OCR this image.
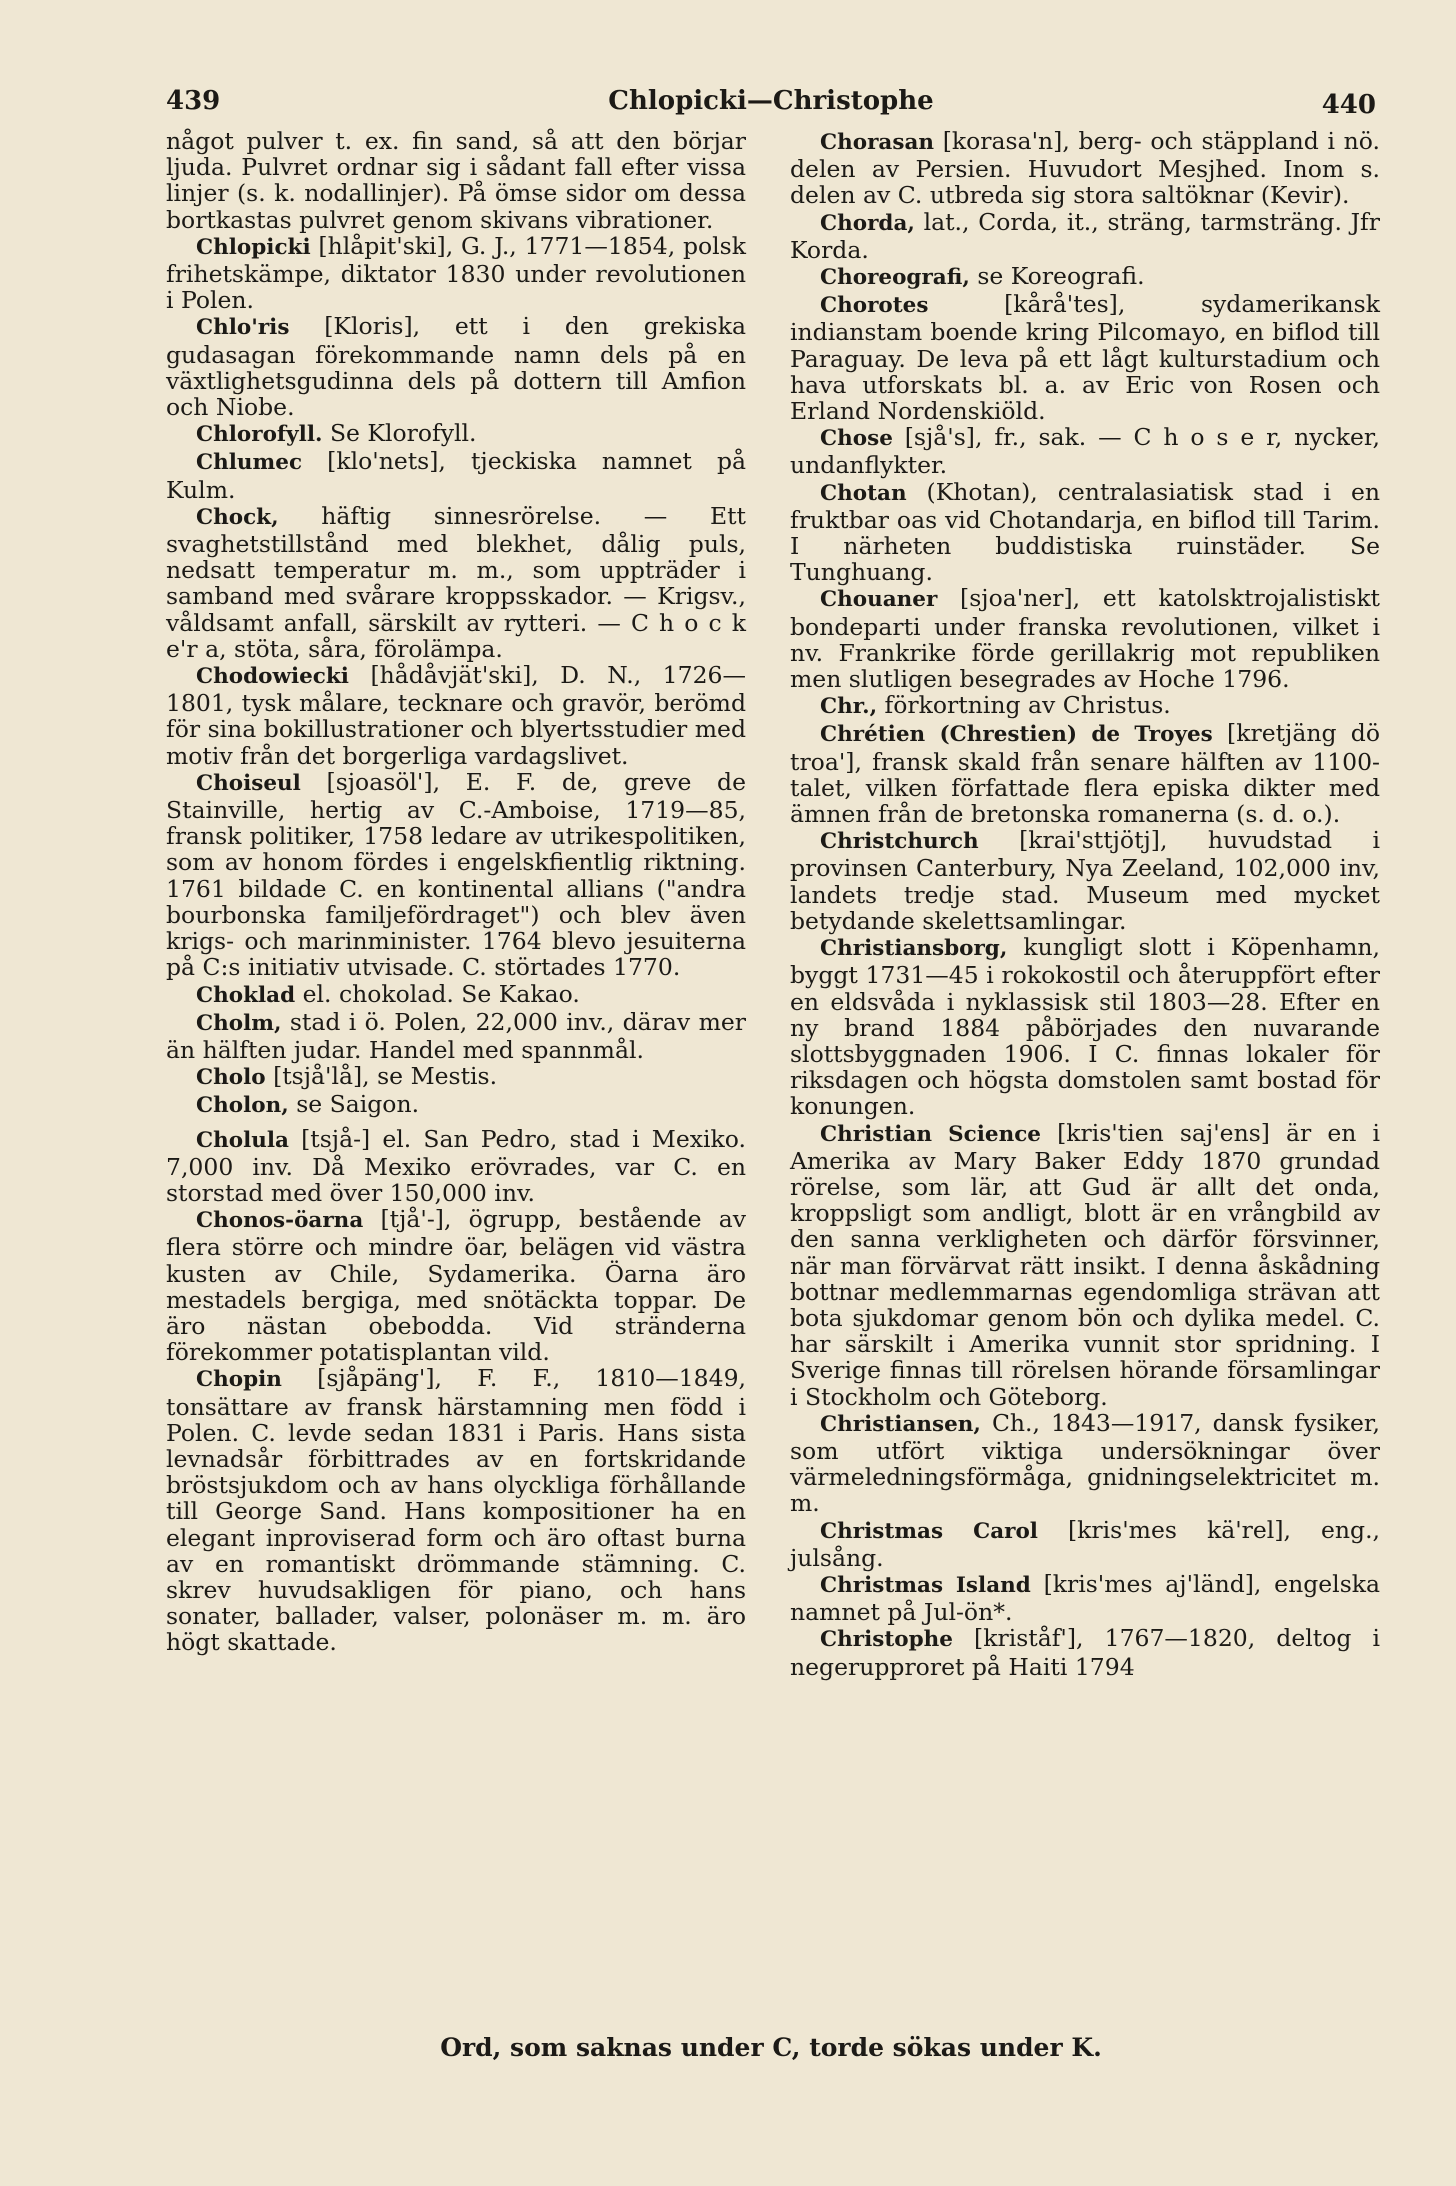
439	Chlopicki—Christophe	440

något pulver t. ex. fin sand, så att den börjar ljuda. Pulvret ordnar sig i sådant fall efter vissa linjer (s. k. nodallinjer). På ömse sidor om dessa bortkastas pulvret genom skivans vibrationer.

Chlopicki [hlåpit'ski], G. J., 1771—1854, polsk frihetskämpe, diktator 1830 under revolutionen i Polen.

Chlo'ris [Kloris], ett i den grekiska gudasagan förekommande namn dels på en växtlighetsgudinna dels på dottern till Amfion och Niobe.

Chlorofyll. Se Klorofyll.

Chlumec [klo'nets], tjeckiska namnet på Kulm.

Chock, häftig sinnesrörelse. — Ett svaghetstillstånd med blekhet, dålig puls, nedsatt temperatur m. m., som uppträder i samband med svårare kroppsskador. — Krigsv., våldsamt anfall, särskilt av rytteri. — C h o c k e'r a, stöta, såra, förolämpa.

Chodowiecki [hådåvjät'ski], D. N., 1726—1801, tysk målare, tecknare och gravör, berömd för sina bokillustrationer och blyertsstudier med motiv från det borgerliga vardagslivet.

Choiseul [sjoasöl'], E. F. de, greve de Stainville, hertig av C.-Amboise, 1719—85, fransk politiker, 1758 ledare av utrikespolitiken, som av honom fördes i engelskfientlig riktning. 1761 bildade C. en kontinental allians ("andra bourbonska familjefördraget") och blev även krigs- och marinminister. 1764 blevo jesuiterna på C:s initiativ utvisade. C. störtades 1770.

Choklad el. chokolad. Se Kakao.

Cholm, stad i ö. Polen, 22,000 inv., därav mer än hälften judar. Handel med spannmål.

Cholo [tsjå'lå], se Mestis.

Cholon, se Saigon.

Cholula [tsjå-] el. San Pedro, stad i Mexiko. 7,000 inv. Då Mexiko erövrades, var C. en storstad med över 150,000 inv.

Chonos-öarna [tjå'-], ögrupp, bestående av flera större och mindre öar, belägen vid västra kusten av Chile, Sydamerika. Öarna äro mestadels bergiga, med snötäckta toppar. De äro nästan obebodda. Vid stränderna förekommer potatisplantan vild.

Chopin [sjåpäng'], F. F., 1810—1849, tonsättare av fransk härstamning men född i Polen. C. levde sedan 1831 i Paris. Hans sista levnadsår förbittrades av en fortskridande bröstsjukdom och av hans olyckliga förhållande till George Sand. Hans kompositioner ha en elegant inproviserad form och äro oftast burna av en romantiskt drömmande stämning. C. skrev huvudsakligen för piano, och hans sonater, ballader, valser, polonäser m. m. äro högt skattade.

Chorasan [korasa'n], berg- och stäppland i nö. delen av Persien. Huvudort Mesjhed. Inom s. delen av C. utbreda sig stora saltöknar (Kevir).

Chorda, lat., Corda, it., sträng, tarmsträng. Jfr Korda.

Choreografi, se Koreografi.

Chorotes [kårå'tes], sydamerikansk indianstam boende kring Pilcomayo, en biflod till Paraguay. De leva på ett lågt kulturstadium och hava utforskats bl. a. av Eric von Rosen och Erland Nordenskiöld.

Chose [sjå's], fr., sak. — C h o s e r, nycker, undanflykter.

Chotan (Khotan), centralasiatisk stad i en fruktbar oas vid Chotandarja, en biflod till Tarim. I närheten buddistiska ruinstäder. Se Tunghuang.

Chouaner [sjoa'ner], ett katolsktrojalistiskt bondeparti under franska revolutionen, vilket i nv. Frankrike förde gerillakrig mot republiken men slutligen besegrades av Hoche 1796.

Chr., förkortning av Christus.

Chrétien (Chrestien) de Troyes [kretjäng dö troa'], fransk skald från senare hälften av 1100-talet, vilken författade flera episka dikter med ämnen från de bretonska romanerna (s. d. o.).

Christchurch [krai'sttjötj], huvudstad i provinsen Canterbury, Nya Zeeland, 102,000 inv, landets tredje stad. Museum med mycket betydande skelettsamlingar.

Christiansborg, kungligt slott i Köpenhamn, byggt 1731—45 i rokokostil och återuppfört efter en eldsvåda i nyklassisk stil 1803—28. Efter en ny brand 1884 påbörjades den nuvarande slottsbyggnaden 1906. I C. finnas lokaler för riksdagen och högsta domstolen samt bostad för konungen.

Christian Science [kris'tien saj'ens] är en i Amerika av Mary Baker Eddy 1870 grundad rörelse, som lär, att Gud är allt det onda, kroppsligt som andligt, blott är en vrångbild av den sanna verkligheten och därför försvinner, när man förvärvat rätt insikt. I denna åskådning bottnar medlemmarnas egendomliga strävan att bota sjukdomar genom bön och dylika medel. C. har särskilt i Amerika vunnit stor spridning. I Sverige finnas till rörelsen hörande församlingar i Stockholm och Göteborg.

Christiansen, Ch., 1843—1917, dansk fysiker, som utfört viktiga undersökningar över värmeledningsförmåga, gnidningselektricitet m. m.

Christmas Carol [kris'mes kä'rel], eng., julsång.

Christmas Island [kris'mes aj'länd], engelska namnet på Jul-ön*.

Christophe [kriståf'], 1767—1820, deltog i negerupproret på Haiti 1794

Ord, som saknas under C, torde sökas under K.
